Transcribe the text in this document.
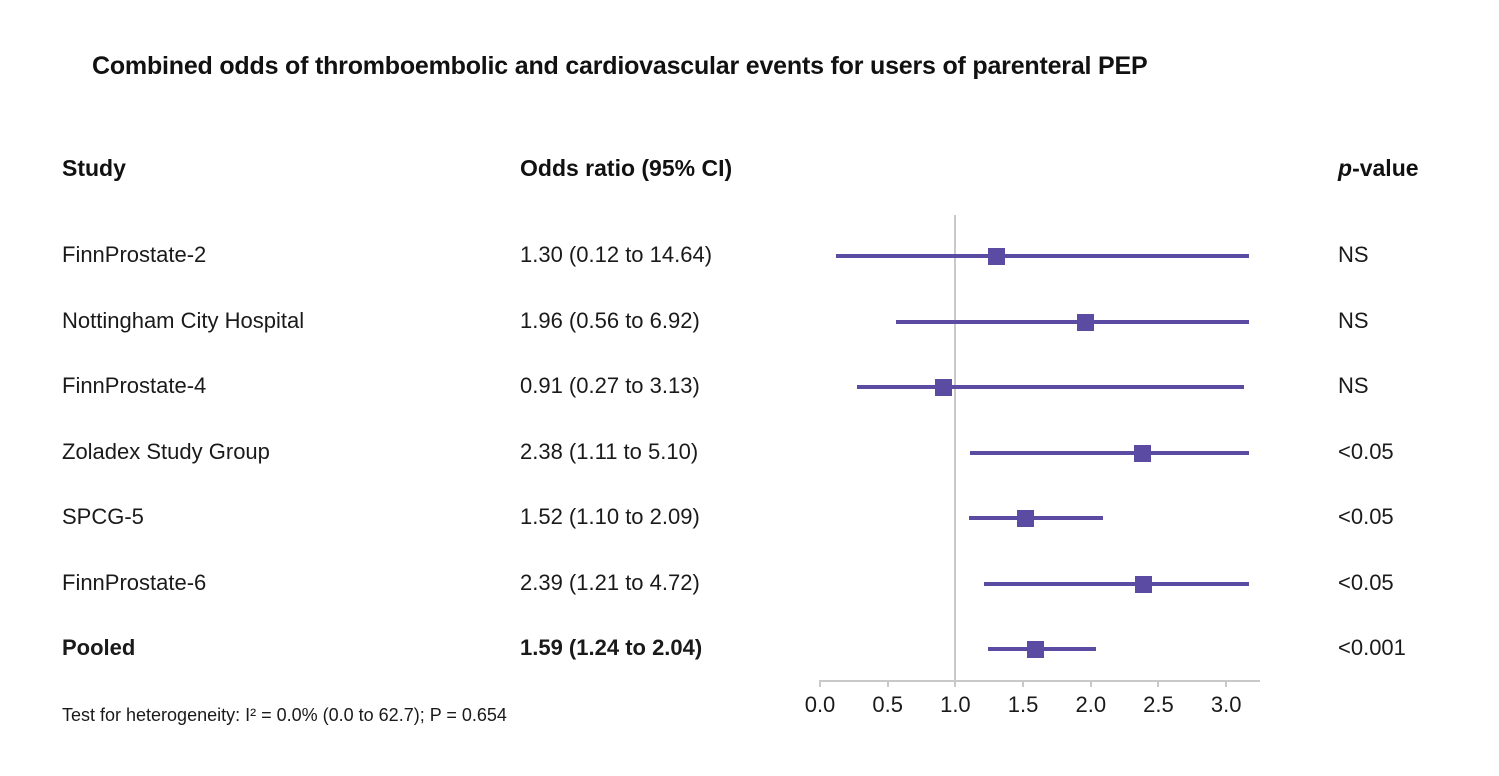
Combined odds of thromboembolic and cardiovascular events for users of parenteral PEP
Study	Odds ratio (95% CI)	p-value
0.0 0.5 1.0 1.5 2.0 2.5 3.0
Test for heterogeneity: I² = 0.0% (0.0 to 62.7); P = 0.654
FinnProstate-2	1.30 (0.12 to 14.64)	NS
Nottingham City Hospital	1.96 (0.56 to 6.92)	NS
FinnProstate-4	0.91 (0.27 to 3.13)	NS
Zoladex Study Group	2.38 (1.11 to 5.10)	<0.05
SPCG-5	1.52 (1.10 to 2.09)	<0.05
FinnProstate-6	2.39 (1.21 to 4.72)	<0.05
Pooled	1.59 (1.24 to 2.04)	<0.001
